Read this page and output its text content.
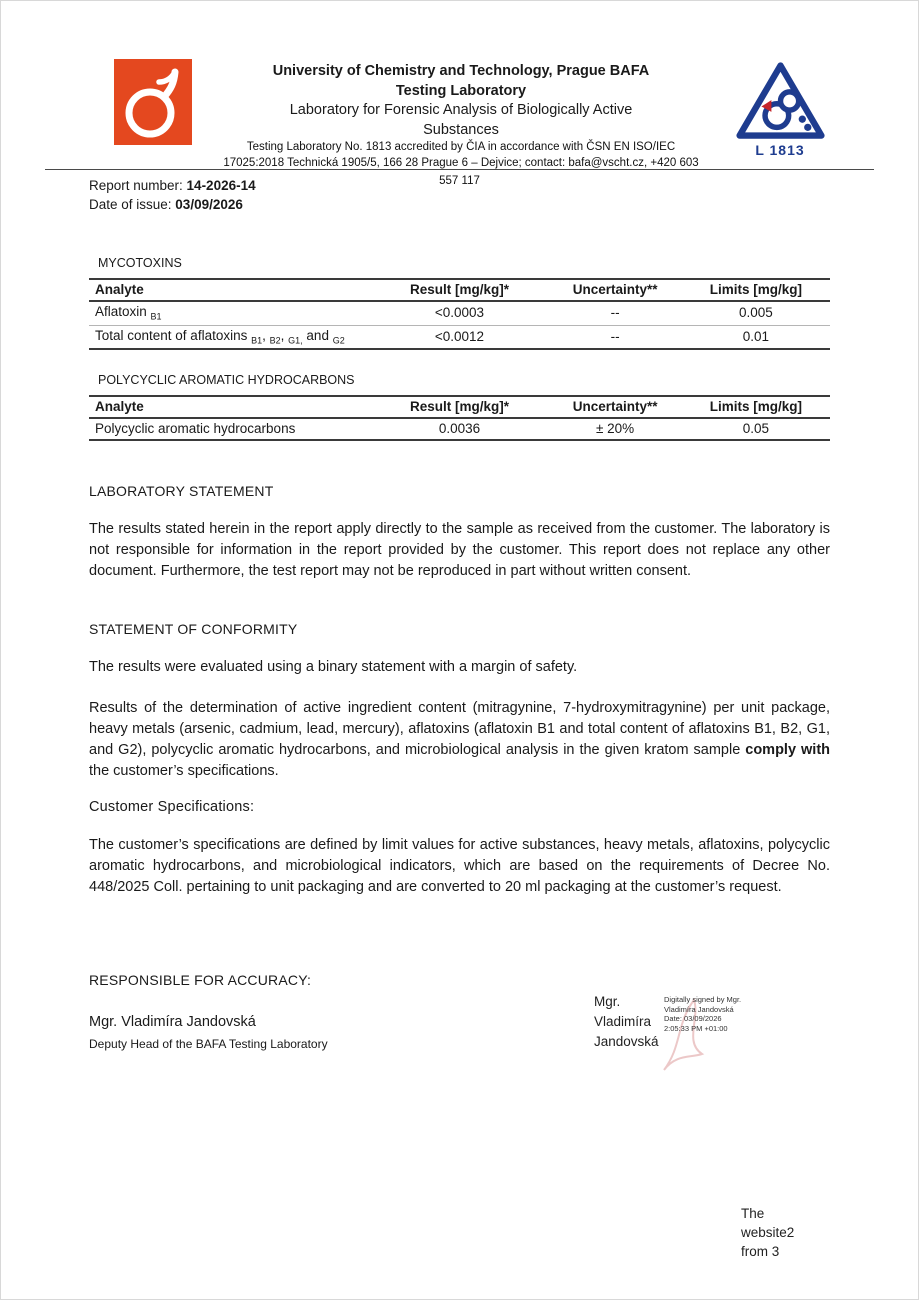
University of Chemistry and Technology, Prague BAFA
Testing Laboratory
Laboratory for Forensic Analysis of Biologically Active
Substances
Testing Laboratory No. 1813 accredited by ČIA in accordance with ČSN EN ISO/IEC
17025:2018 Technická 1905/5, 166 28 Prague 6 – Dejvice; contact: bafa@vscht.cz, +420 603
L 1813
557 117
Report number: 14-2026-14
Date of issue: 03/09/2026
MYCOTOXINS
Analyte	Result [mg/kg]*	Uncertainty**	Limits [mg/kg]
Aflatoxin $_{B1}$	<0.0003	--	0.005
Total content of aflatoxins $_{B1}$, $_{B2}$, $_{G1,}$ and $_{G2}$	<0.0012	--	0.01
POLYCYCLIC AROMATIC HYDROCARBONS
Analyte	Result [mg/kg]*	Uncertainty**	Limits [mg/kg]
Polycyclic aromatic hydrocarbons	0.0036	± 20%	0.05
LABORATORY STATEMENT

The results stated herein in the report apply directly to the sample as received from the customer. The laboratory is not responsible for information in the report provided by the customer. This report does not replace any other document. Furthermore, the test report may not be reproduced in part without written consent.

STATEMENT OF CONFORMITY

The results were evaluated using a binary statement with a margin of safety.

Results of the determination of active ingredient content (mitragynine, 7-hydroxymitragynine) per unit package, heavy metals (arsenic, cadmium, lead, mercury), aflatoxins (aflatoxin B1 and total content of aflatoxins B1, B2, G1, and G2), polycyclic aromatic hydrocarbons, and microbiological analysis in the given kratom sample comply with the customer’s specifications.

Customer Specifications:

The customer’s specifications are defined by limit values for active substances, heavy metals, aflatoxins, polycyclic aromatic hydrocarbons, and microbiological indicators, which are based on the requirements of Decree No. 448/2025 Coll. pertaining to unit packaging and are converted to 20 ml packaging at the customer’s request.

RESPONSIBLE FOR ACCURACY:
Mgr. Vladimíra Jandovská
Deputy Head of the BAFA Testing Laboratory
Mgr. Vladimíra Jandovská
Digitally signed by Mgr.
Vladimíra Jandovská
Date: 03/09/2026
2:05:33 PM +01:00
The
website2
from 3
